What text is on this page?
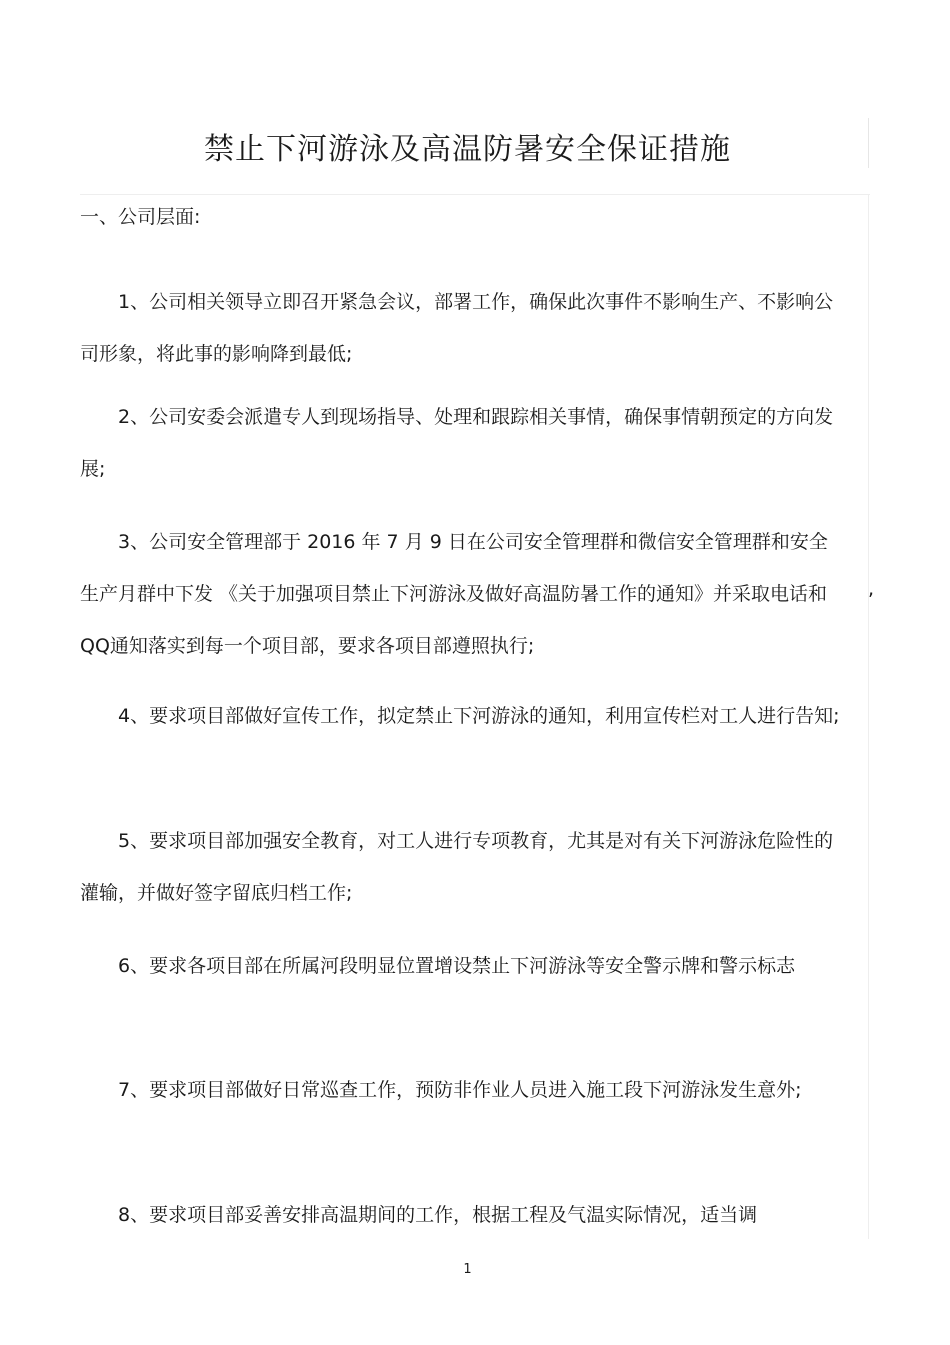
禁止下河游泳及高温防暑安全保证措施
一、公司层面:
1、公司相关领导立即召开紧急会议，部署工作，确保此次事件不影响生产、不影响公司形象，将此事的影响降到最低;
2、公司安委会派遣专人到现场指导、处理和跟踪相关事情，确保事情朝预定的方向发展;
3、公司安全管理部于 2016 年 7 月 9 日在公司安全管理群和微信安全管理群和安全生产月群中下发 《关于加强项目禁止下河游泳及做好高温防暑工作的通知》并采取电话和 QQ通知落实到每一个项目部，要求各项目部遵照执行;
,
4、要求项目部做好宣传工作，拟定禁止下河游泳的通知，利用宣传栏对工人进行告知;
5、要求项目部加强安全教育，对工人进行专项教育，尤其是对有关下河游泳危险性的灌输，并做好签字留底归档工作;
6、要求各项目部在所属河段明显位置增设禁止下河游泳等安全警示牌和警示标志
7、要求项目部做好日常巡查工作，预防非作业人员进入施工段下河游泳发生意外;
8、要求项目部妥善安排高温期间的工作，根据工程及气温实际情况，适当调
1
